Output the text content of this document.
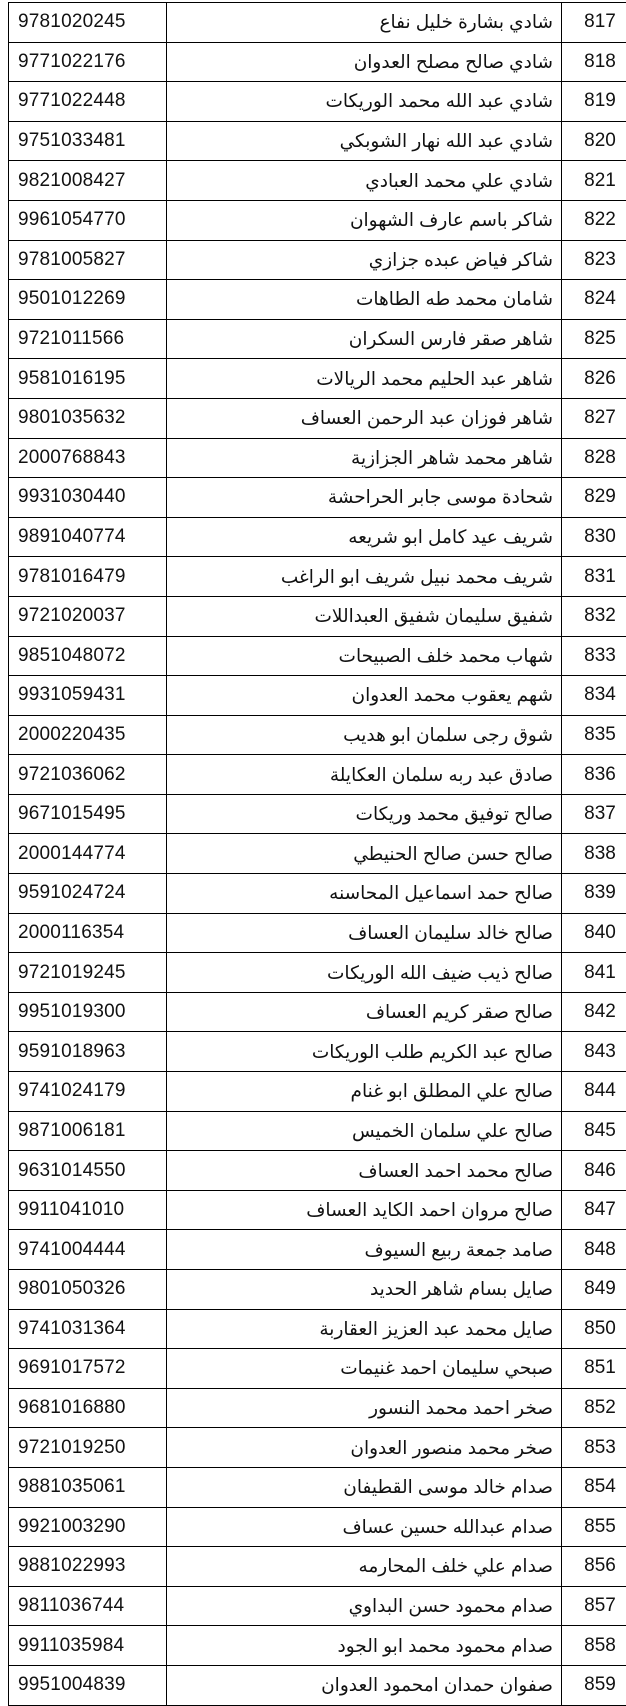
9781020245	شادي بشارة خليل نفاع	817
9771022176	شادي صالح مصلح العدوان	818
9771022448	شادي عبد الله محمد الوريكات	819
9751033481	شادي عبد الله نهار الشوبكي	820
9821008427	شادي علي محمد العبادي	821
9961054770	شاكر باسم عارف الشهوان	822
9781005827	شاكر فياض عبده جزازي	823
9501012269	شامان محمد طه الطاهات	824
9721011566	شاهر صقر فارس السكران	825
9581016195	شاهر عبد الحليم محمد الريالات	826
9801035632	شاهر فوزان عبد الرحمن العساف	827
2000768843	شاهر محمد شاهر الجزازية	828
9931030440	شحادة موسى جابر الحراحشة	829
9891040774	شريف عيد كامل ابو شريعه	830
9781016479	شريف محمد نبيل شريف ابو الراغب	831
9721020037	شفيق سليمان شفيق العبداللات	832
9851048072	شهاب محمد خلف الصبيحات	833
9931059431	شهم يعقوب محمد العدوان	834
2000220435	شوق رجى سلمان ابو هديب	835
9721036062	صادق عبد ربه سلمان العكايلة	836
9671015495	صالح توفيق محمد وريكات	837
2000144774	صالح حسن صالح الحنيطي	838
9591024724	صالح حمد اسماعيل المحاسنه	839
2000116354	صالح خالد سليمان العساف	840
9721019245	صالح ذيب ضيف الله الوريكات	841
9951019300	صالح صقر كريم العساف	842
9591018963	صالح عبد الكريم طلب الوريكات	843
9741024179	صالح علي المطلق ابو غنام	844
9871006181	صالح علي سلمان الخميس	845
9631014550	صالح محمد احمد العساف	846
9911041010	صالح مروان احمد الكايد العساف	847
9741004444	صامد جمعة ربيع السيوف	848
9801050326	صايل بسام شاهر الحديد	849
9741031364	صايل محمد عبد العزيز العقاربة	850
9691017572	صبحي سليمان احمد غنيمات	851
9681016880	صخر احمد محمد النسور	852
9721019250	صخر محمد منصور العدوان	853
9881035061	صدام خالد موسى القطيفان	854
9921003290	صدام عبدالله حسين عساف	855
9881022993	صدام علي خلف المحارمه	856
9811036744	صدام محمود حسن البداوي	857
9911035984	صدام محمود محمد ابو الجود	858
9951004839	صفوان حمدان امحمود العدوان	859
